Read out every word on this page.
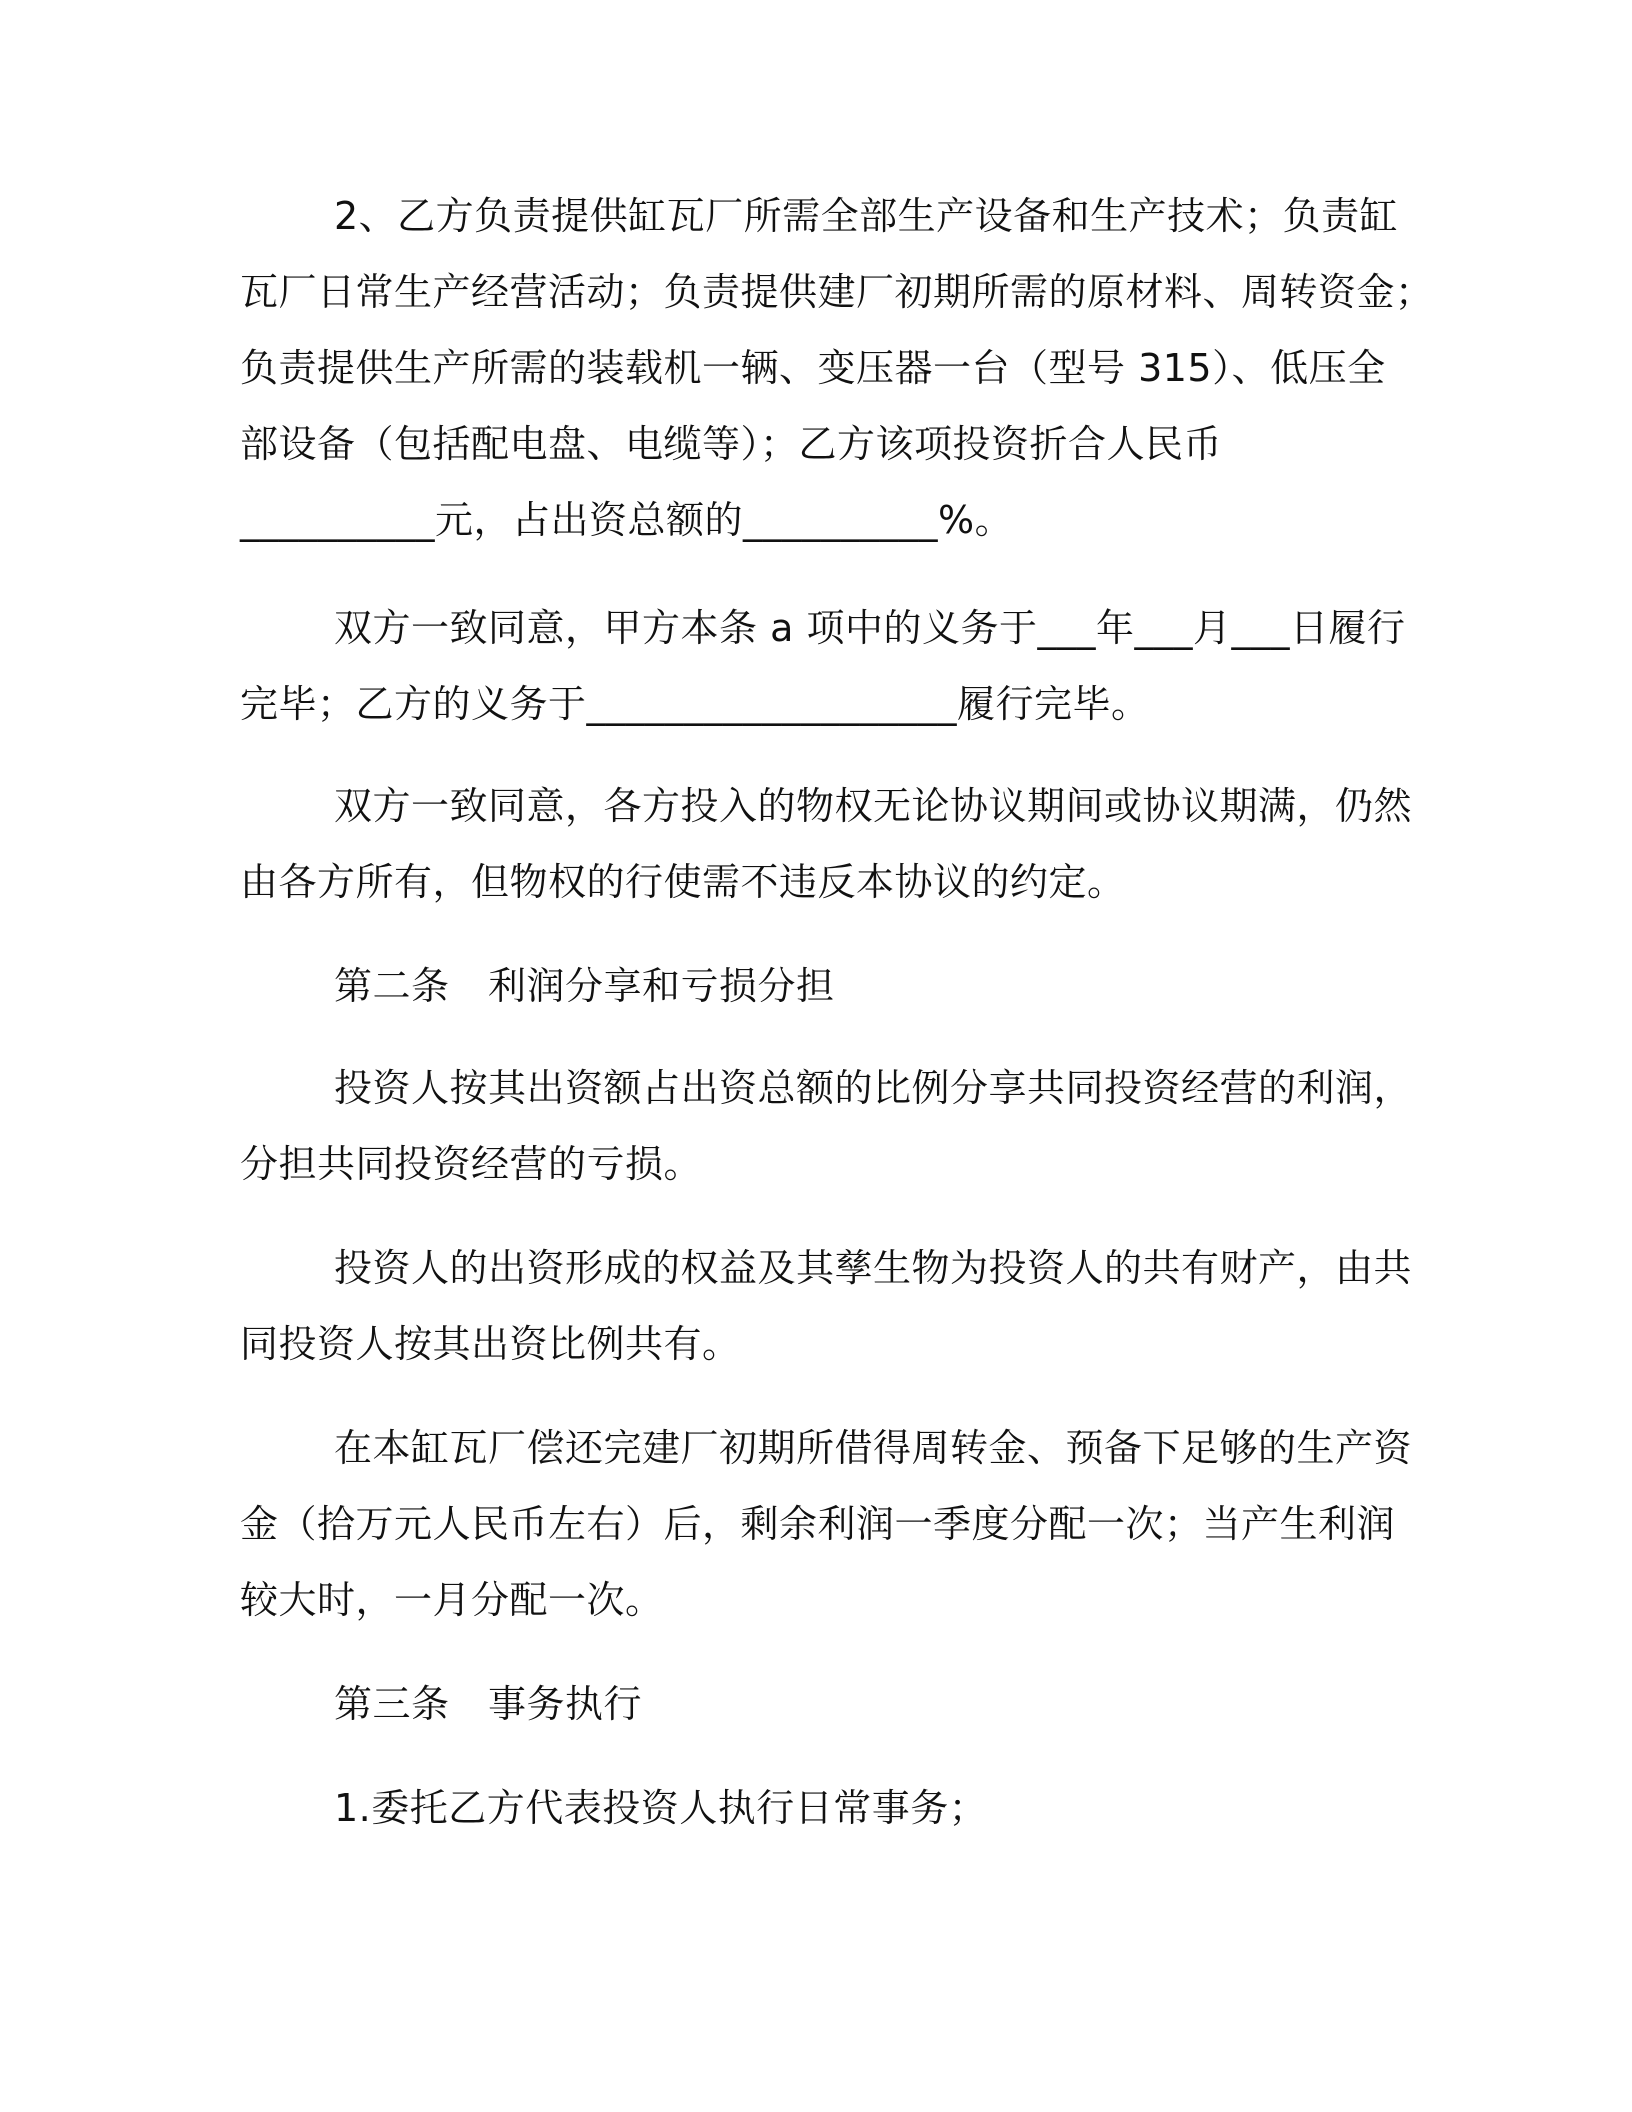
2、乙方负责提供缸瓦厂所需全部生产设备和生产技术；负责缸

瓦厂日常生产经营活动；负责提供建厂初期所需的原材料、周转资金；

负责提供生产所需的装载机一辆、变压器一台（型号 315）、低压全

部设备（包括配电盘、电缆等）；乙方该项投资折合人民币

__________元，占出资总额的__________%。

双方一致同意，甲方本条 a 项中的义务于___年___月___日履行

完毕；乙方的义务于___________________履行完毕。

双方一致同意，各方投入的物权无论协议期间或协议期满，仍然

由各方所有，但物权的行使需不违反本协议的约定。

第二条　利润分享和亏损分担

投资人按其出资额占出资总额的比例分享共同投资经营的利润，

分担共同投资经营的亏损。

投资人的出资形成的权益及其孳生物为投资人的共有财产，由共

同投资人按其出资比例共有。

在本缸瓦厂偿还完建厂初期所借得周转金、预备下足够的生产资

金（拾万元人民币左右）后，剩余利润一季度分配一次；当产生利润

较大时，一月分配一次。

第三条　事务执行

1.委托乙方代表投资人执行日常事务；
